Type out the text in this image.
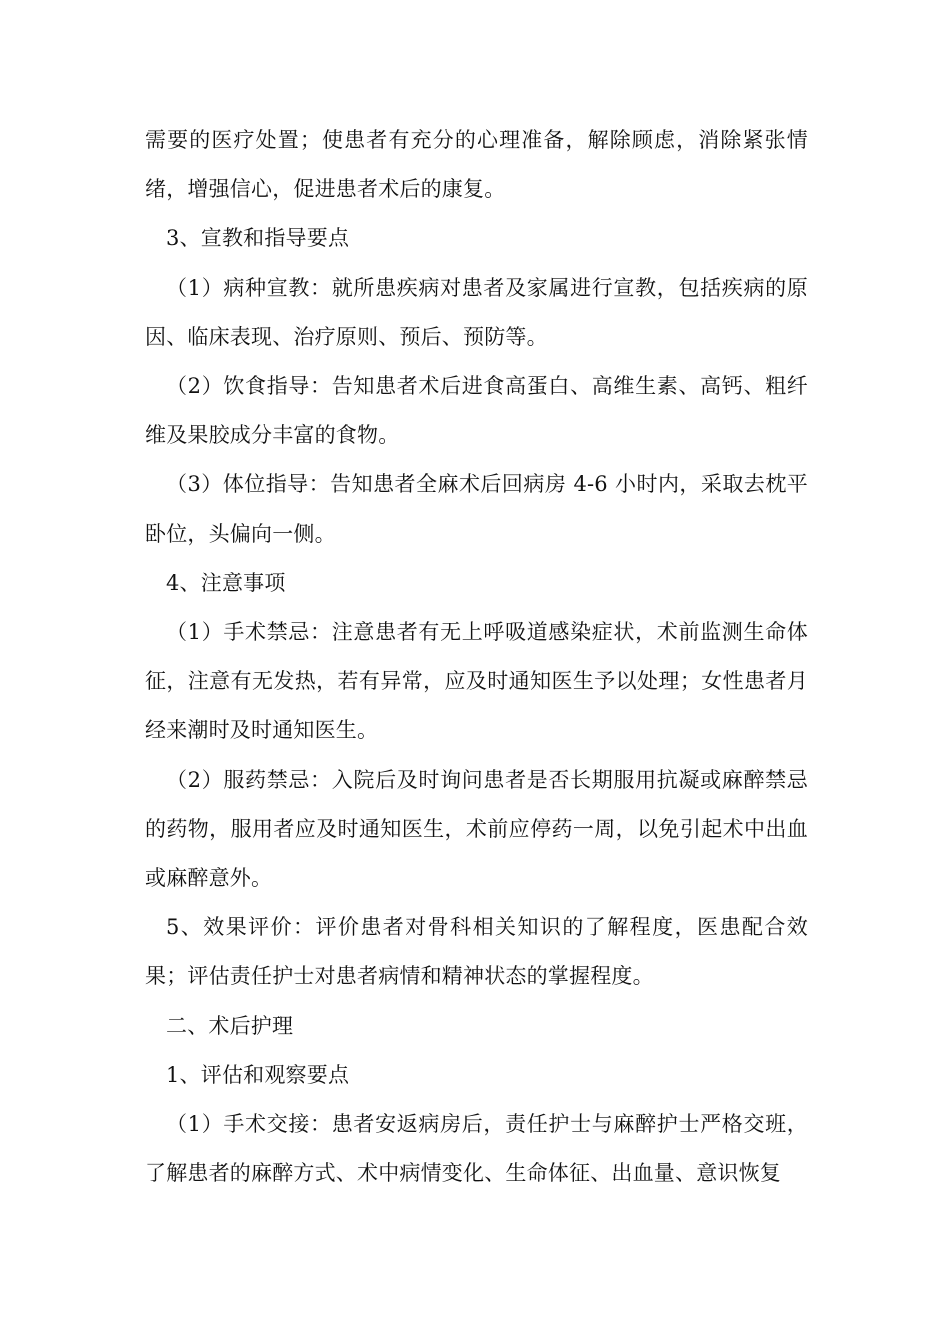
需要的医疗处置；使患者有充分的心理准备，解除顾虑，消除紧张情绪，增强信心，促进患者术后的康复。

3、宣教和指导要点

（1）病种宣教：就所患疾病对患者及家属进行宣教，包括疾病的原因、临床表现、治疗原则、预后、预防等。

（2）饮食指导：告知患者术后进食高蛋白、高维生素、高钙、粗纤维及果胶成分丰富的食物。

（3）体位指导：告知患者全麻术后回病房 4-6 小时内，采取去枕平卧位，头偏向一侧。

4、注意事项

（1）手术禁忌：注意患者有无上呼吸道感染症状，术前监测生命体征，注意有无发热，若有异常，应及时通知医生予以处理；女性患者月经来潮时及时通知医生。

（2）服药禁忌：入院后及时询问患者是否长期服用抗凝或麻醉禁忌的药物，服用者应及时通知医生，术前应停药一周，以免引起术中出血或麻醉意外。

5、效果评价：评价患者对骨科相关知识的了解程度，医患配合效果；评估责任护士对患者病情和精神状态的掌握程度。

二、术后护理

1、评估和观察要点

（1）手术交接：患者安返病房后，责任护士与麻醉护士严格交班，了解患者的麻醉方式、术中病情变化、生命体征、出血量、意识恢复
